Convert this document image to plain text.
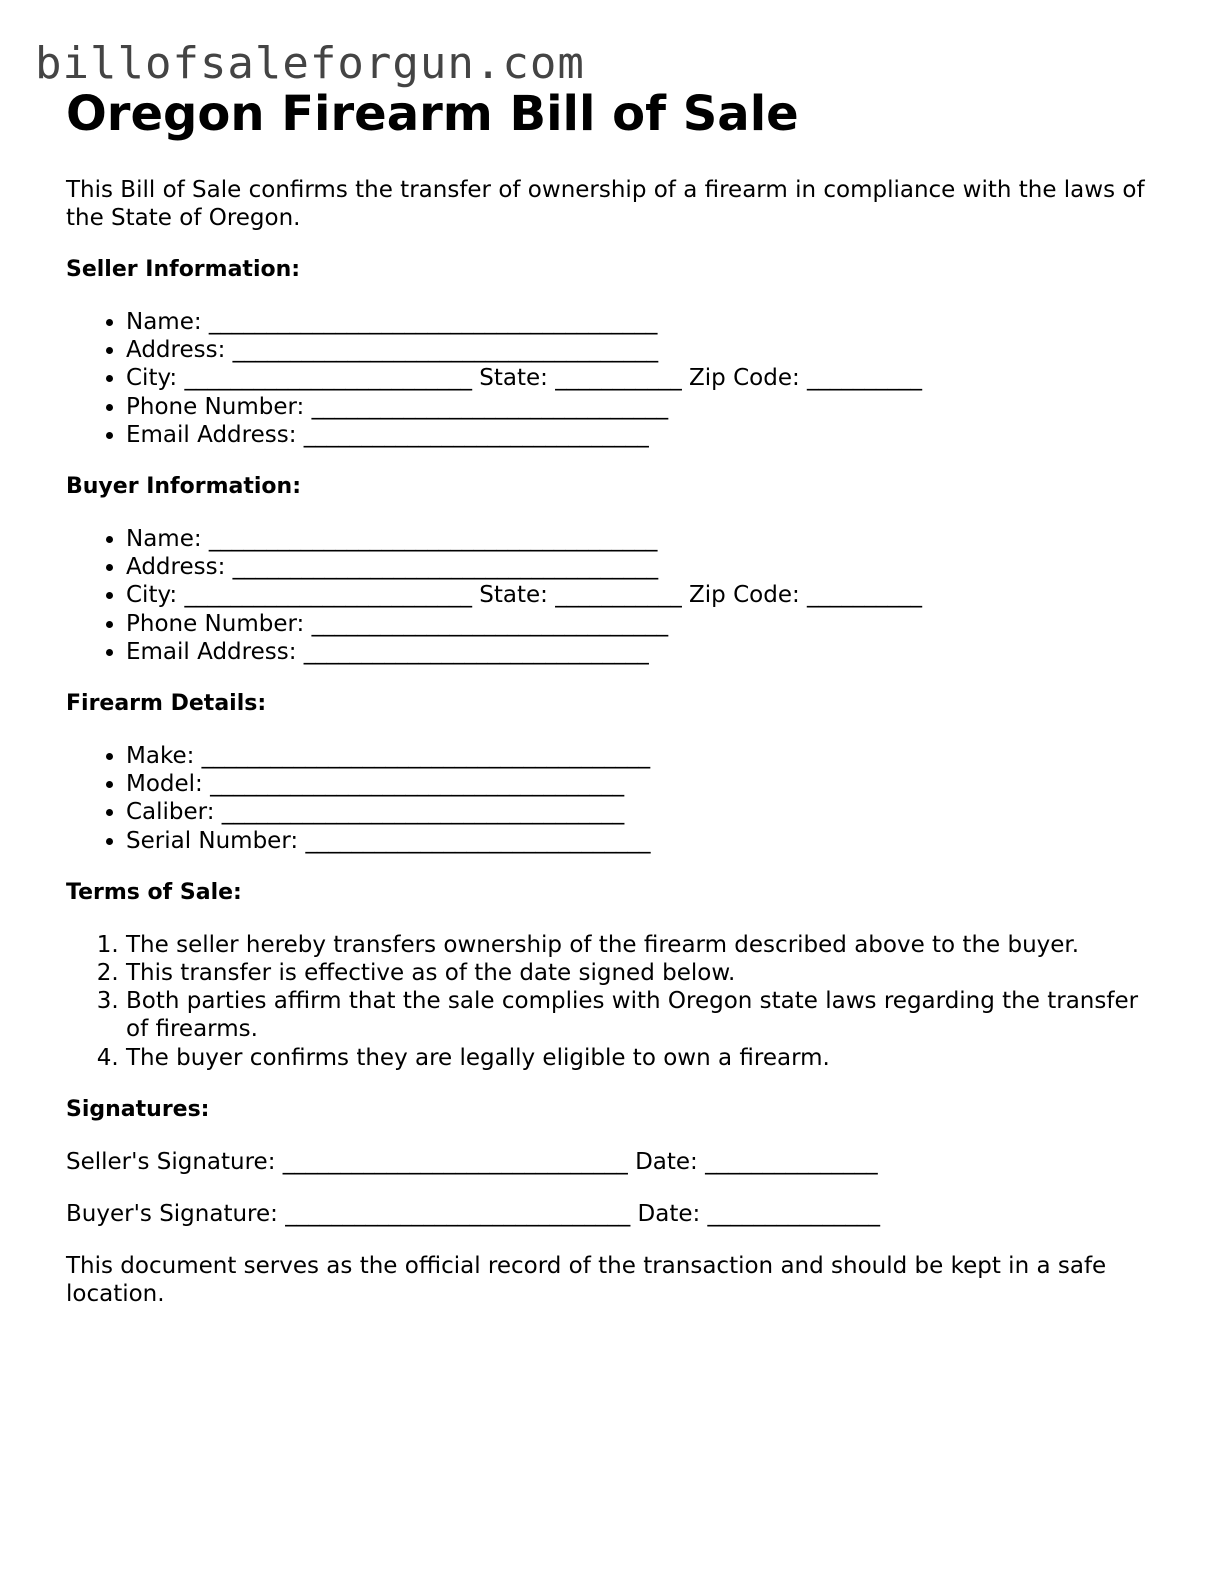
billofsaleforgun.com
Oregon Firearm Bill of Sale

This Bill of Sale confirms the transfer of ownership of a firearm in compliance with the laws of the State of Oregon.

Seller Information:
• Name: _______________________________________
• Address: _____________________________________
• City: _________________________ State: ___________ Zip Code: __________
• Phone Number: _______________________________
• Email Address: ______________________________
Buyer Information:
• Name: _______________________________________
• Address: _____________________________________
• City: _________________________ State: ___________ Zip Code: __________
• Phone Number: _______________________________
• Email Address: ______________________________
Firearm Details:
• Make: _______________________________________
• Model: ____________________________________
• Caliber: ___________________________________
• Serial Number: ______________________________
Terms of Sale:
1. The seller hereby transfers ownership of the firearm described above to the buyer.
2. This transfer is effective as of the date signed below.
3. Both parties affirm that the sale complies with Oregon state laws regarding the transfer of firearms.
4. The buyer confirms they are legally eligible to own a firearm.
Signatures:

Seller's Signature: ______________________________ Date: _______________

Buyer's Signature: ______________________________ Date: _______________

This document serves as the official record of the transaction and should be kept in a safe location.
